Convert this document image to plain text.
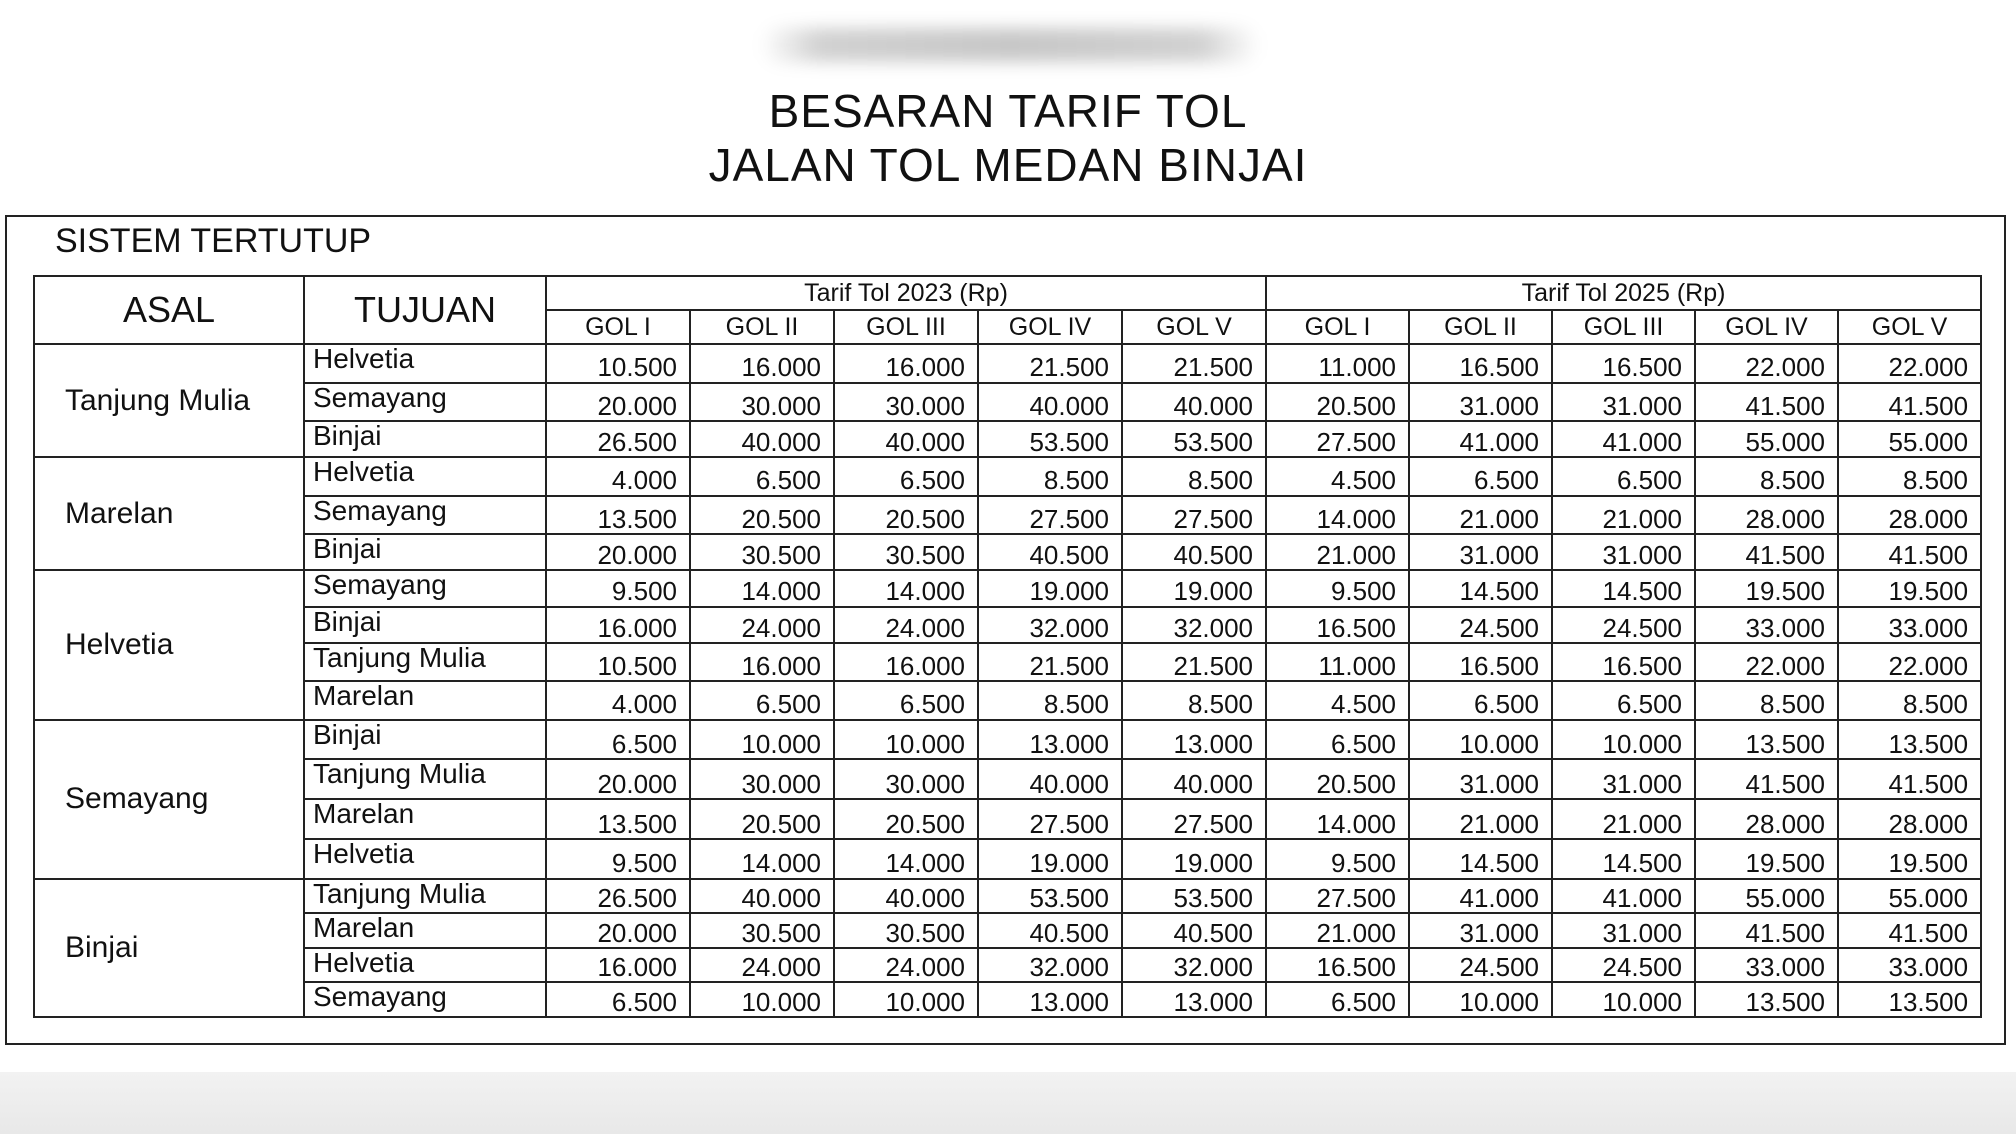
BESARAN TARIF TOL
JALAN TOL MEDAN BINJAI
SISTEM TERTUTUP
ASAL	TUJUAN	Tarif Tol 2023 (Rp)					Tarif Tol 2025 (Rp)				
		GOL I	GOL II	GOL III	GOL IV	GOL V	GOL I	GOL II	GOL III	GOL IV	GOL V
Tanjung Mulia	Helvetia	10.500	16.000	16.000	21.500	21.500	11.000	16.500	16.500	22.000	22.000
	Semayang	20.000	30.000	30.000	40.000	40.000	20.500	31.000	31.000	41.500	41.500
	Binjai	26.500	40.000	40.000	53.500	53.500	27.500	41.000	41.000	55.000	55.000
Marelan	Helvetia	4.000	6.500	6.500	8.500	8.500	4.500	6.500	6.500	8.500	8.500
	Semayang	13.500	20.500	20.500	27.500	27.500	14.000	21.000	21.000	28.000	28.000
	Binjai	20.000	30.500	30.500	40.500	40.500	21.000	31.000	31.000	41.500	41.500
Helvetia	Semayang	9.500	14.000	14.000	19.000	19.000	9.500	14.500	14.500	19.500	19.500
	Binjai	16.000	24.000	24.000	32.000	32.000	16.500	24.500	24.500	33.000	33.000
	Tanjung Mulia	10.500	16.000	16.000	21.500	21.500	11.000	16.500	16.500	22.000	22.000
	Marelan	4.000	6.500	6.500	8.500	8.500	4.500	6.500	6.500	8.500	8.500
Semayang	Binjai	6.500	10.000	10.000	13.000	13.000	6.500	10.000	10.000	13.500	13.500
	Tanjung Mulia	20.000	30.000	30.000	40.000	40.000	20.500	31.000	31.000	41.500	41.500
	Marelan	13.500	20.500	20.500	27.500	27.500	14.000	21.000	21.000	28.000	28.000
	Helvetia	9.500	14.000	14.000	19.000	19.000	9.500	14.500	14.500	19.500	19.500
Binjai	Tanjung Mulia	26.500	40.000	40.000	53.500	53.500	27.500	41.000	41.000	55.000	55.000
	Marelan	20.000	30.500	30.500	40.500	40.500	21.000	31.000	31.000	41.500	41.500
	Helvetia	16.000	24.000	24.000	32.000	32.000	16.500	24.500	24.500	33.000	33.000
	Semayang	6.500	10.000	10.000	13.000	13.000	6.500	10.000	10.000	13.500	13.500
